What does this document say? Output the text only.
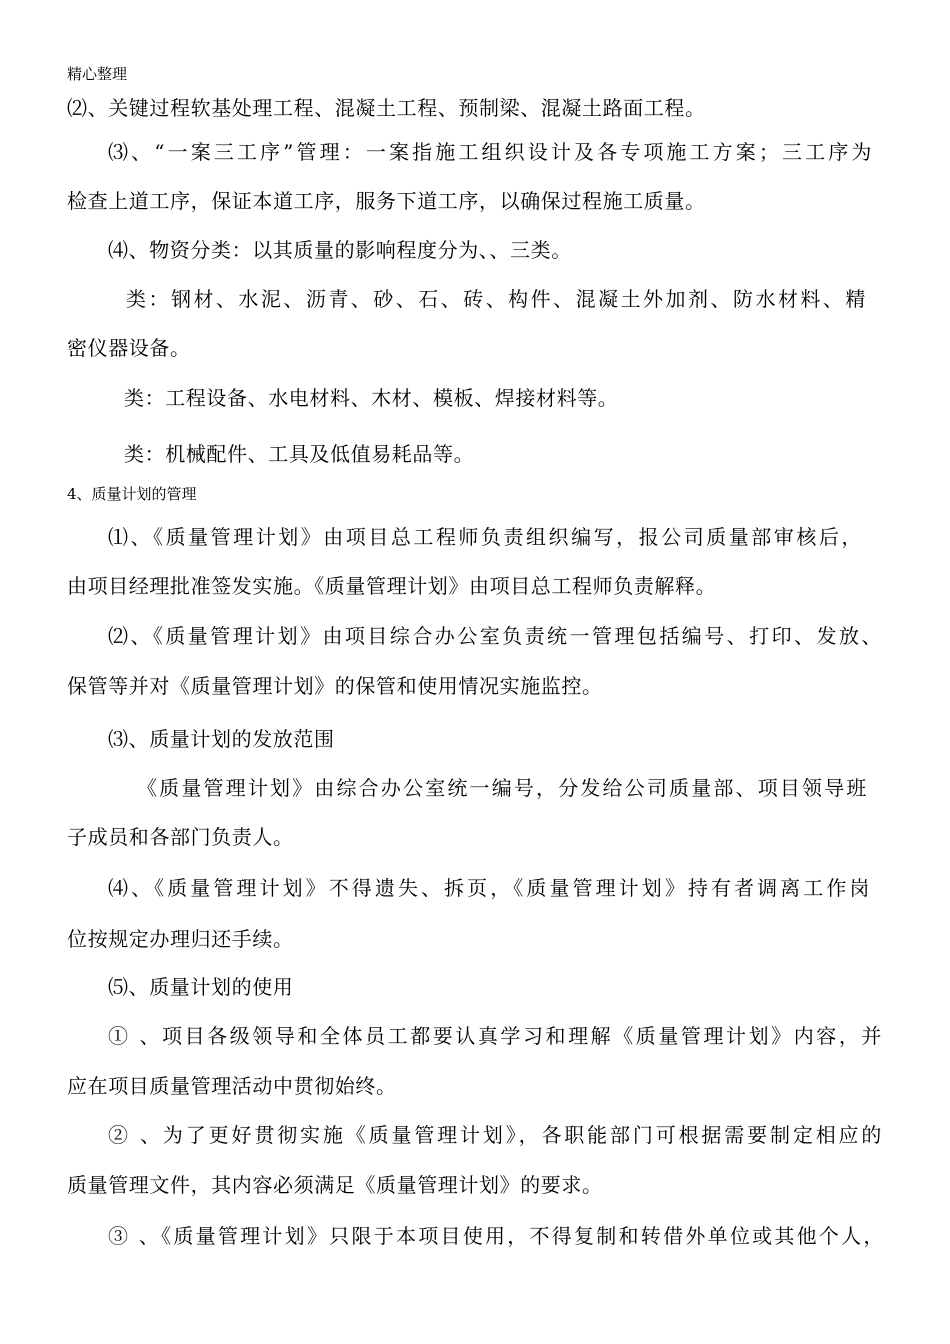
精心整理
⑵、关键过程软基处理工程、混凝土工程、预制梁、混凝土路面工程。
⑶、“一案三工序”管理：一案指施工组织设计及各专项施工方案；三工序为
检查上道工序，保证本道工序，服务下道工序，以确保过程施工质量。
⑷、物资分类：以其质量的影响程度分为、、三类。
类：钢材、水泥、沥青、砂、石、砖、构件、混凝土外加剂、防水材料、精
密仪器设备。
类：工程设备、水电材料、木材、模板、焊接材料等。
类：机械配件、工具及低值易耗品等。
4、质量计划的管理
⑴、《质量管理计划》由项目总工程师负责组织编写，报公司质量部审核后，
由项目经理批准签发实施。《质量管理计划》由项目总工程师负责解释。
⑵、《质量管理计划》由项目综合办公室负责统一管理包括编号、打印、发放、
保管等并对《质量管理计划》的保管和使用情况实施监控。
⑶、质量计划的发放范围
《质量管理计划》由综合办公室统一编号，分发给公司质量部、项目领导班
子成员和各部门负责人。
⑷、《质量管理计划》不得遗失、拆页，《质量管理计划》持有者调离工作岗
位按规定办理归还手续。
⑸、质量计划的使用
① 、项目各级领导和全体员工都要认真学习和理解《质量管理计划》内容，并
应在项目质量管理活动中贯彻始终。
② 、为了更好贯彻实施《质量管理计划》，各职能部门可根据需要制定相应的
质量管理文件，其内容必须满足《质量管理计划》的要求。
③ 、《质量管理计划》只限于本项目使用，不得复制和转借外单位或其他个人，
